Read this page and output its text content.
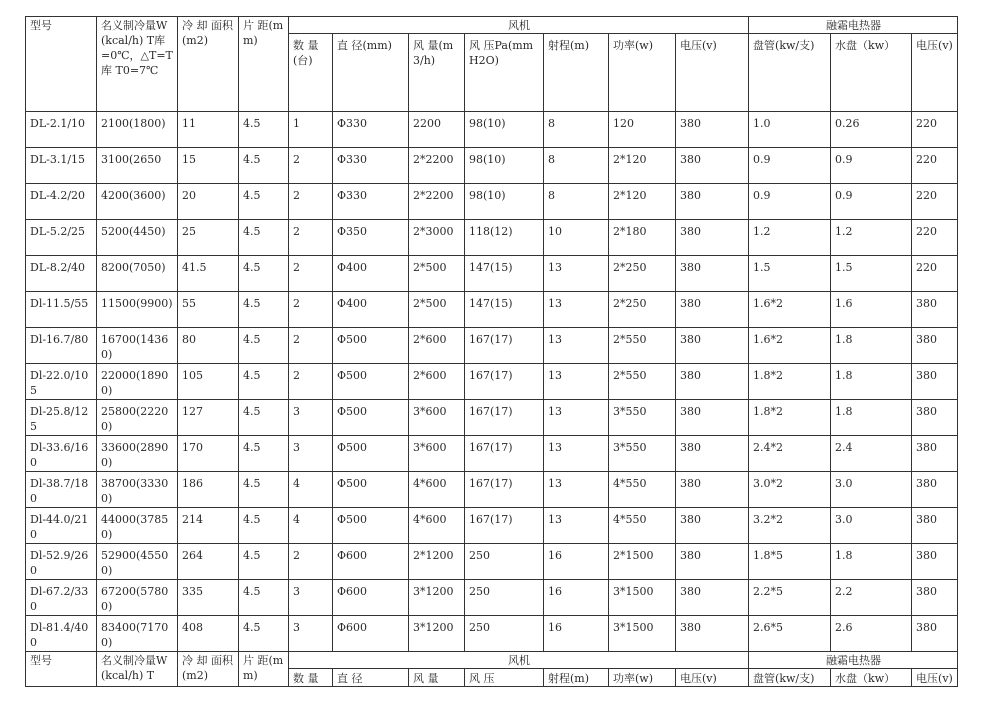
型号	名义制冷量W(kcal/h) T库=0℃，△T=T库 T0=7℃	冷 却 面积 (m2)	片 距(mm)	风机							融霜电热器		
				数 量(台)	直 径(mm)	风 量(m3/h)	风 压Pa(mmH2O)	射程(m)	功率(w)	电压(v)	盘管(kw/支)	水盘（kw）	电压(v)
DL-2.1/10	2100(1800)	11	4.5	1	Φ330	2200	98(10)	8	120	380	1.0	0.26	220
DL-3.1/15	3100(2650	15	4.5	2	Φ330	2*2200	98(10)	8	2*120	380	0.9	0.9	220
DL-4.2/20	4200(3600)	20	4.5	2	Φ330	2*2200	98(10)	8	2*120	380	0.9	0.9	220
DL-5.2/25	5200(4450)	25	4.5	2	Φ350	2*3000	118(12)	10	2*180	380	1.2	1.2	220
DL-8.2/40	8200(7050)	41.5	4.5	2	Φ400	2*500	147(15)	13	2*250	380	1.5	1.5	220
Dl-11.5/55	11500(9900)	55	4.5	2	Φ400	2*500	147(15)	13	2*250	380	1.6*2	1.6	380
Dl-16.7/80	16700(14360)	80	4.5	2	Φ500	2*600	167(17)	13	2*550	380	1.6*2	1.8	380
Dl-22.0/105	22000(18900)	105	4.5	2	Φ500	2*600	167(17)	13	2*550	380	1.8*2	1.8	380
Dl-25.8/125	25800(22200)	127	4.5	3	Φ500	3*600	167(17)	13	3*550	380	1.8*2	1.8	380
Dl-33.6/160	33600(28900)	170	4.5	3	Φ500	3*600	167(17)	13	3*550	380	2.4*2	2.4	380
Dl-38.7/180	38700(33300)	186	4.5	4	Φ500	4*600	167(17)	13	4*550	380	3.0*2	3.0	380
Dl-44.0/210	44000(37850)	214	4.5	4	Φ500	4*600	167(17)	13	4*550	380	3.2*2	3.0	380
Dl-52.9/260	52900(45500)	264	4.5	2	Φ600	2*1200	250	16	2*1500	380	1.8*5	1.8	380
Dl-67.2/330	67200(57800)	335	4.5	3	Φ600	3*1200	250	16	3*1500	380	2.2*5	2.2	380
Dl-81.4/400	83400(71700)	408	4.5	3	Φ600	3*1200	250	16	3*1500	380	2.6*5	2.6	380
型号	名义制冷量W(kcal/h) T	冷 却 面积 (m2)	片 距(mm)	风机							融霜电热器		
				数 量	直 径	风 量	风 压	射程(m)	功率(w)	电压(v)	盘管(kw/支)	水盘（kw）	电压(v)
